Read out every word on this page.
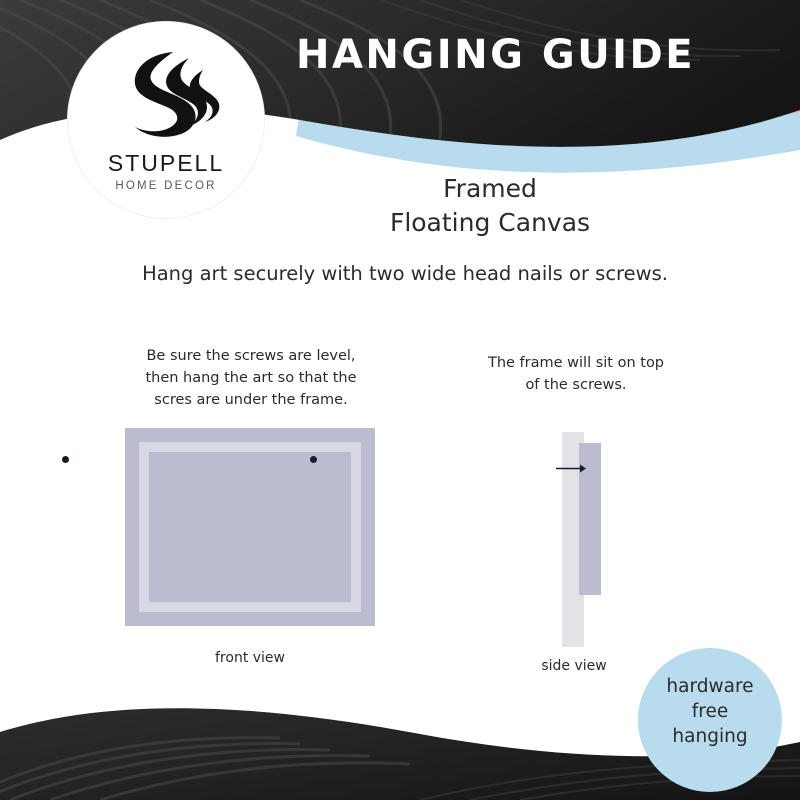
STUPELL
HOME DECOR
HANGING GUIDE
Framed
Floating Canvas
Hang art securely with two wide head nails or screws.
Be sure the screws are level,
then hang the art so that the
scres are under the frame.
The frame will sit on top
of the screws.
front view	side view
hardware
free
hanging
